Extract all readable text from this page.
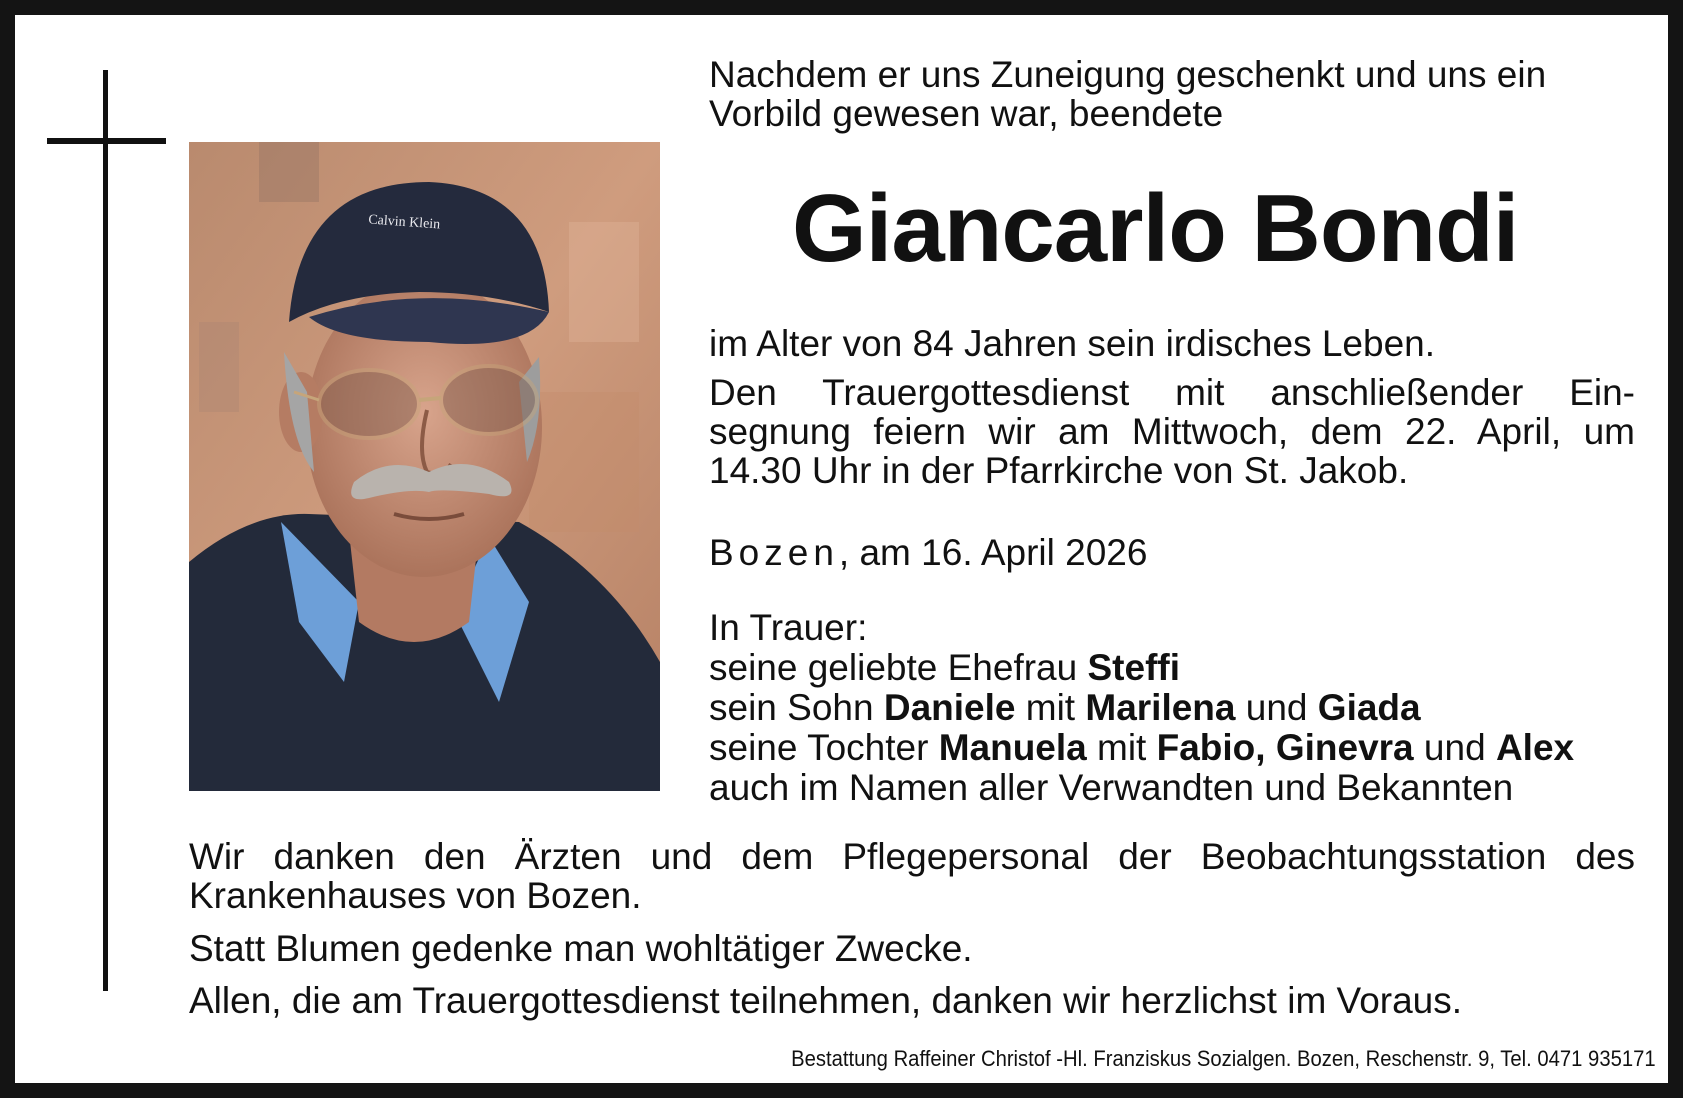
Calvin Klein
Nachdem er uns Zuneigung geschenkt und uns ein
Vorbild gewesen war, beendete
Giancarlo Bondi
im Alter von 84 Jahren sein irdisches Leben.
Den Trauergottesdienst mit anschließender Ein-
segnung feiern wir am Mittwoch, dem 22. April, um
14.30 Uhr in der Pfarrkirche von St. Jakob.
Bozen, am 16. April 2026
In Trauer:
seine geliebte Ehefrau Steffi
sein Sohn Daniele mit Marilena und Giada
seine Tochter Manuela mit Fabio, Ginevra und Alex
auch im Namen aller Verwandten und Bekannten
Wir danken den Ärzten und dem Pflegepersonal der Beobachtungsstation des
Krankenhauses von Bozen.
Statt Blumen gedenke man wohltätiger Zwecke.
Allen, die am Trauergottesdienst teilnehmen, danken wir herzlichst im Voraus.
Bestattung Raffeiner Christof -Hl. Franziskus Sozialgen. Bozen, Reschenstr. 9, Tel. 0471 935171
